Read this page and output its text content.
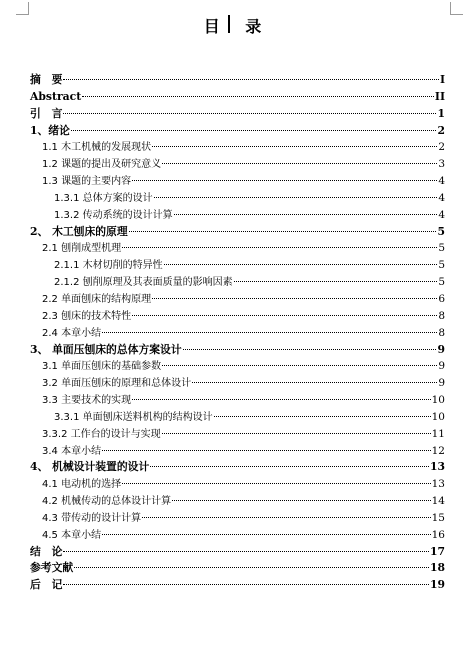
目 录
摘　要	I
Abstract	II
引　言	1
1、绪论	2
1.1 木工机械的发展现状	2
1.2 课题的提出及研究意义	3
1.3 课题的主要内容	4
1.3.1 总体方案的设计	4
1.3.2 传动系统的设计计算	4
2、 木工刨床的原理	5
2.1 刨削成型机理	5
2.1.1 木材切削的特异性	5
2.1.2 刨削原理及其表面质量的影响因素	5
2.2 单面刨床的结构原理	6
2.3 刨床的技术特性	8
2.4 本章小结	8
3、 单面压刨床的总体方案设计	9
3.1 单面压刨床的基础参数	9
3.2 单面压刨床的原理和总体设计	9
3.3 主要技术的实现	10
3.3.1 单面刨床送料机构的结构设计	10
3.3.2 工作台的设计与实现	11
3.4 本章小结	12
4、 机械设计装置的设计	13
4.1 电动机的选择	13
4.2 机械传动的总体设计计算	14
4.3 带传动的设计计算	15
4.5 本章小结	16
结　论	17
参考文献	18
后　记	19
